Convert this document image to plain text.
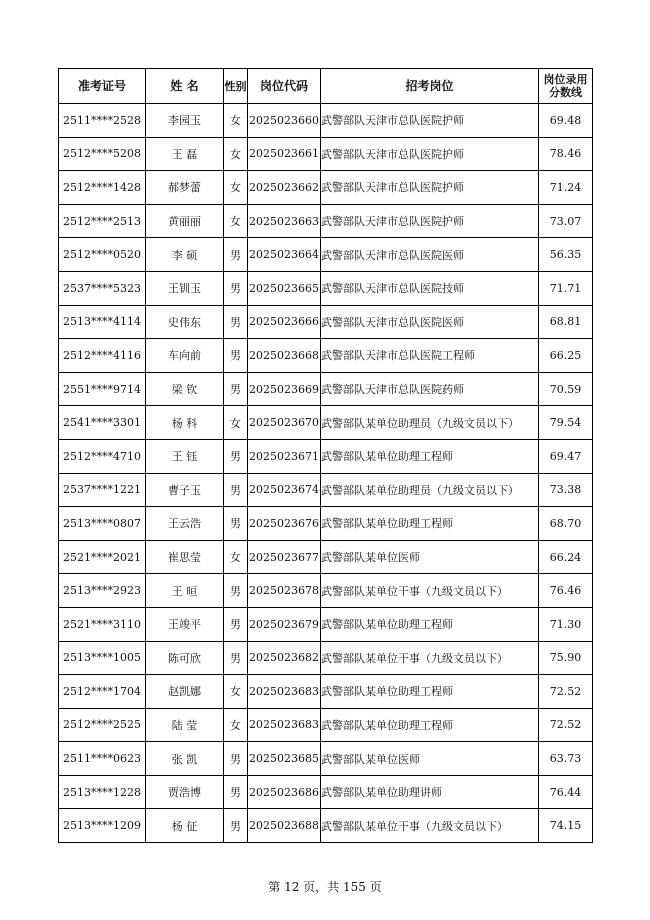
准考证号	姓 名	性别	岗位代码	招考岗位	岗位录用分数线
2511****2528	李园玉	女	2025023660	武警部队天津市总队医院护师	69.48
2512****5208	王 磊	女	2025023661	武警部队天津市总队医院护师	78.46
2512****1428	郝梦蕾	女	2025023662	武警部队天津市总队医院护师	71.24
2512****2513	黄丽丽	女	2025023663	武警部队天津市总队医院护师	73.07
2512****0520	李 硕	男	2025023664	武警部队天津市总队医院医师	56.35
2537****5323	王钏玉	男	2025023665	武警部队天津市总队医院技师	71.71
2513****4114	史伟东	男	2025023666	武警部队天津市总队医院医师	68.81
2512****4116	车向前	男	2025023668	武警部队天津市总队医院工程师	66.25
2551****9714	梁 钦	男	2025023669	武警部队天津市总队医院药师	70.59
2541****3301	杨 科	女	2025023670	武警部队某单位助理员（九级文员以下）	79.54
2512****4710	王 钰	男	2025023671	武警部队某单位助理工程师	69.47
2537****1221	曹子玉	男	2025023674	武警部队某单位助理员（九级文员以下）	73.38
2513****0807	王云浩	男	2025023676	武警部队某单位助理工程师	68.70
2521****2021	崔思莹	女	2025023677	武警部队某单位医师	66.24
2513****2923	王 晅	男	2025023678	武警部队某单位干事（九级文员以下）	76.46
2521****3110	王竣平	男	2025023679	武警部队某单位助理工程师	71.30
2513****1005	陈可欣	男	2025023682	武警部队某单位干事（九级文员以下）	75.90
2512****1704	赵凯娜	女	2025023683	武警部队某单位助理工程师	72.52
2512****2525	陆 莹	女	2025023683	武警部队某单位助理工程师	72.52
2511****0623	张 凯	男	2025023685	武警部队某单位医师	63.73
2513****1228	贾浩博	男	2025023686	武警部队某单位助理讲师	76.44
2513****1209	杨 征	男	2025023688	武警部队某单位干事（九级文员以下）	74.15
第 12 页，共 155 页
